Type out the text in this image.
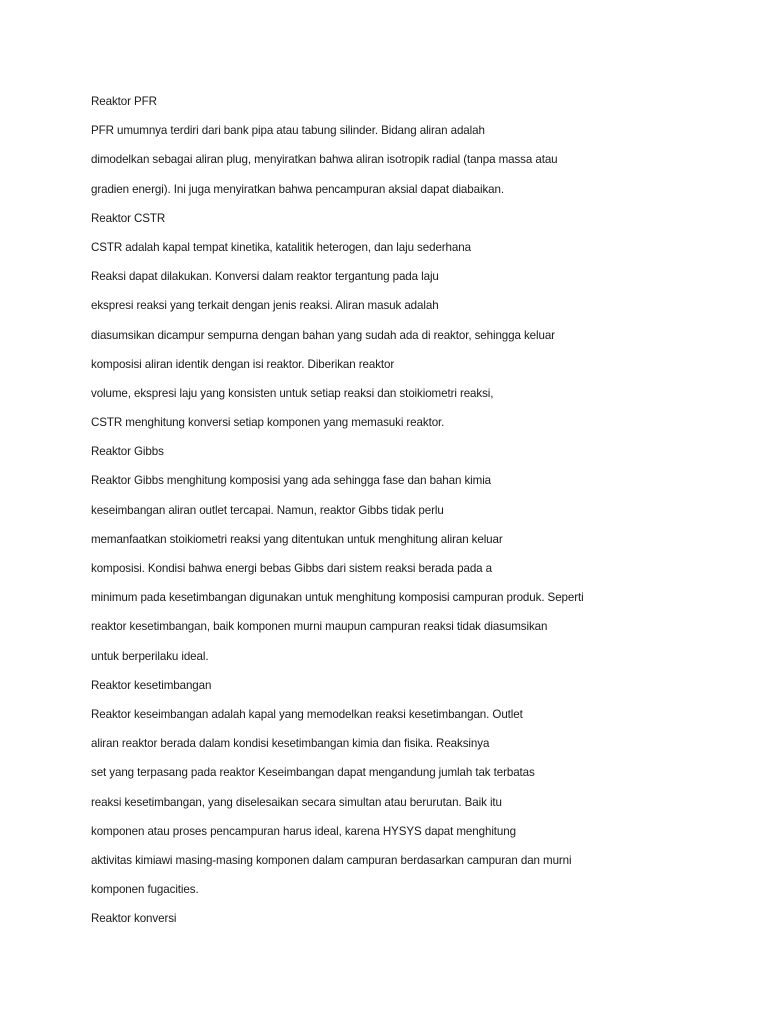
Reaktor PFR
PFR umumnya terdiri dari bank pipa atau tabung silinder. Bidang aliran adalah
dimodelkan sebagai aliran plug, menyiratkan bahwa aliran isotropik radial (tanpa massa atau
gradien energi). Ini juga menyiratkan bahwa pencampuran aksial dapat diabaikan.
Reaktor CSTR
CSTR adalah kapal tempat kinetika, katalitik heterogen, dan laju sederhana
Reaksi dapat dilakukan. Konversi dalam reaktor tergantung pada laju
ekspresi reaksi yang terkait dengan jenis reaksi. Aliran masuk adalah
diasumsikan dicampur sempurna dengan bahan yang sudah ada di reaktor, sehingga keluar
komposisi aliran identik dengan isi reaktor. Diberikan reaktor
volume, ekspresi laju yang konsisten untuk setiap reaksi dan stoikiometri reaksi,
CSTR menghitung konversi setiap komponen yang memasuki reaktor.
Reaktor Gibbs
Reaktor Gibbs menghitung komposisi yang ada sehingga fase dan bahan kimia
keseimbangan aliran outlet tercapai. Namun, reaktor Gibbs tidak perlu
memanfaatkan stoikiometri reaksi yang ditentukan untuk menghitung aliran keluar
komposisi. Kondisi bahwa energi bebas Gibbs dari sistem reaksi berada pada a
minimum pada kesetimbangan digunakan untuk menghitung komposisi campuran produk. Seperti
reaktor kesetimbangan, baik komponen murni maupun campuran reaksi tidak diasumsikan
untuk berperilaku ideal.
Reaktor kesetimbangan
Reaktor keseimbangan adalah kapal yang memodelkan reaksi kesetimbangan. Outlet
aliran reaktor berada dalam kondisi kesetimbangan kimia dan fisika. Reaksinya
set yang terpasang pada reaktor Keseimbangan dapat mengandung jumlah tak terbatas
reaksi kesetimbangan, yang diselesaikan secara simultan atau berurutan. Baik itu
komponen atau proses pencampuran harus ideal, karena HYSYS dapat menghitung
aktivitas kimiawi masing-masing komponen dalam campuran berdasarkan campuran dan murni
komponen fugacities.
Reaktor konversi
